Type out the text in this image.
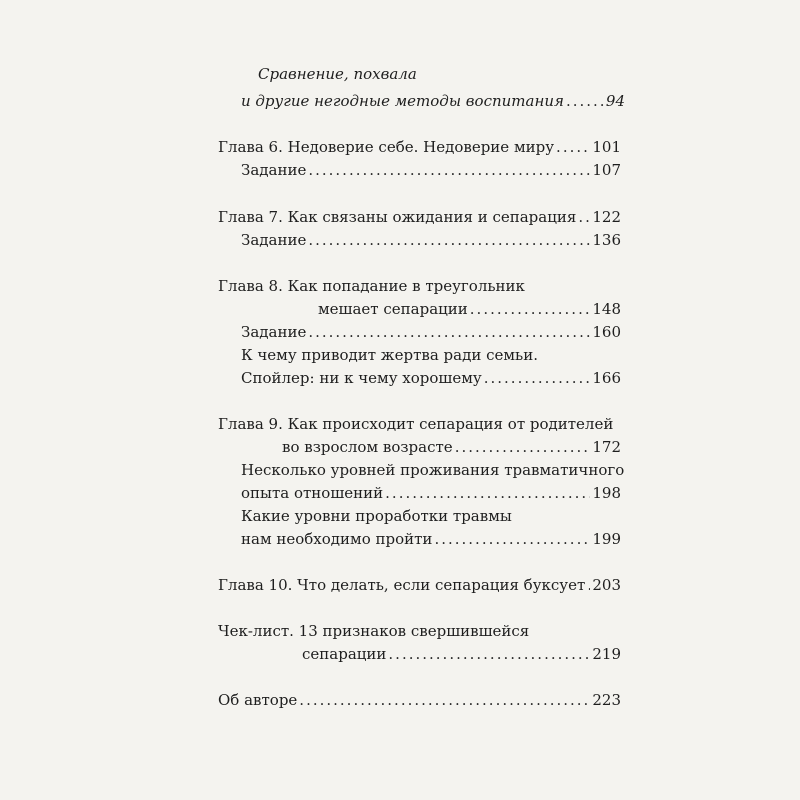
Сравнение, похвала
и другие негодные методы воспитания .....	94
Глава 6. Недоверие себе. Недоверие миру .....	101
Задание .....	107
Глава 7. Как связаны ожидания и сепарация ..... 122
Задание .....	136
Глава 8. Как попадание в треугольник
мешает сепарации .....	148
Задание .....	160
К чему приводит жертва ради семьи.
Спойлер: ни к чему хорошему .....	166
Глава 9. Как происходит сепарация от родителей
во взрослом возрасте .....	172
Несколько уровней проживания травматичного
опыта отношений .....	198
Какие уровни проработки травмы
нам необходимо пройти .....	199
Глава 10. Что делать, если сепарация буксует ..... 203
Чек-лист. 13 признаков свершившейся
сепарации .....	219
Об авторе .....	223
